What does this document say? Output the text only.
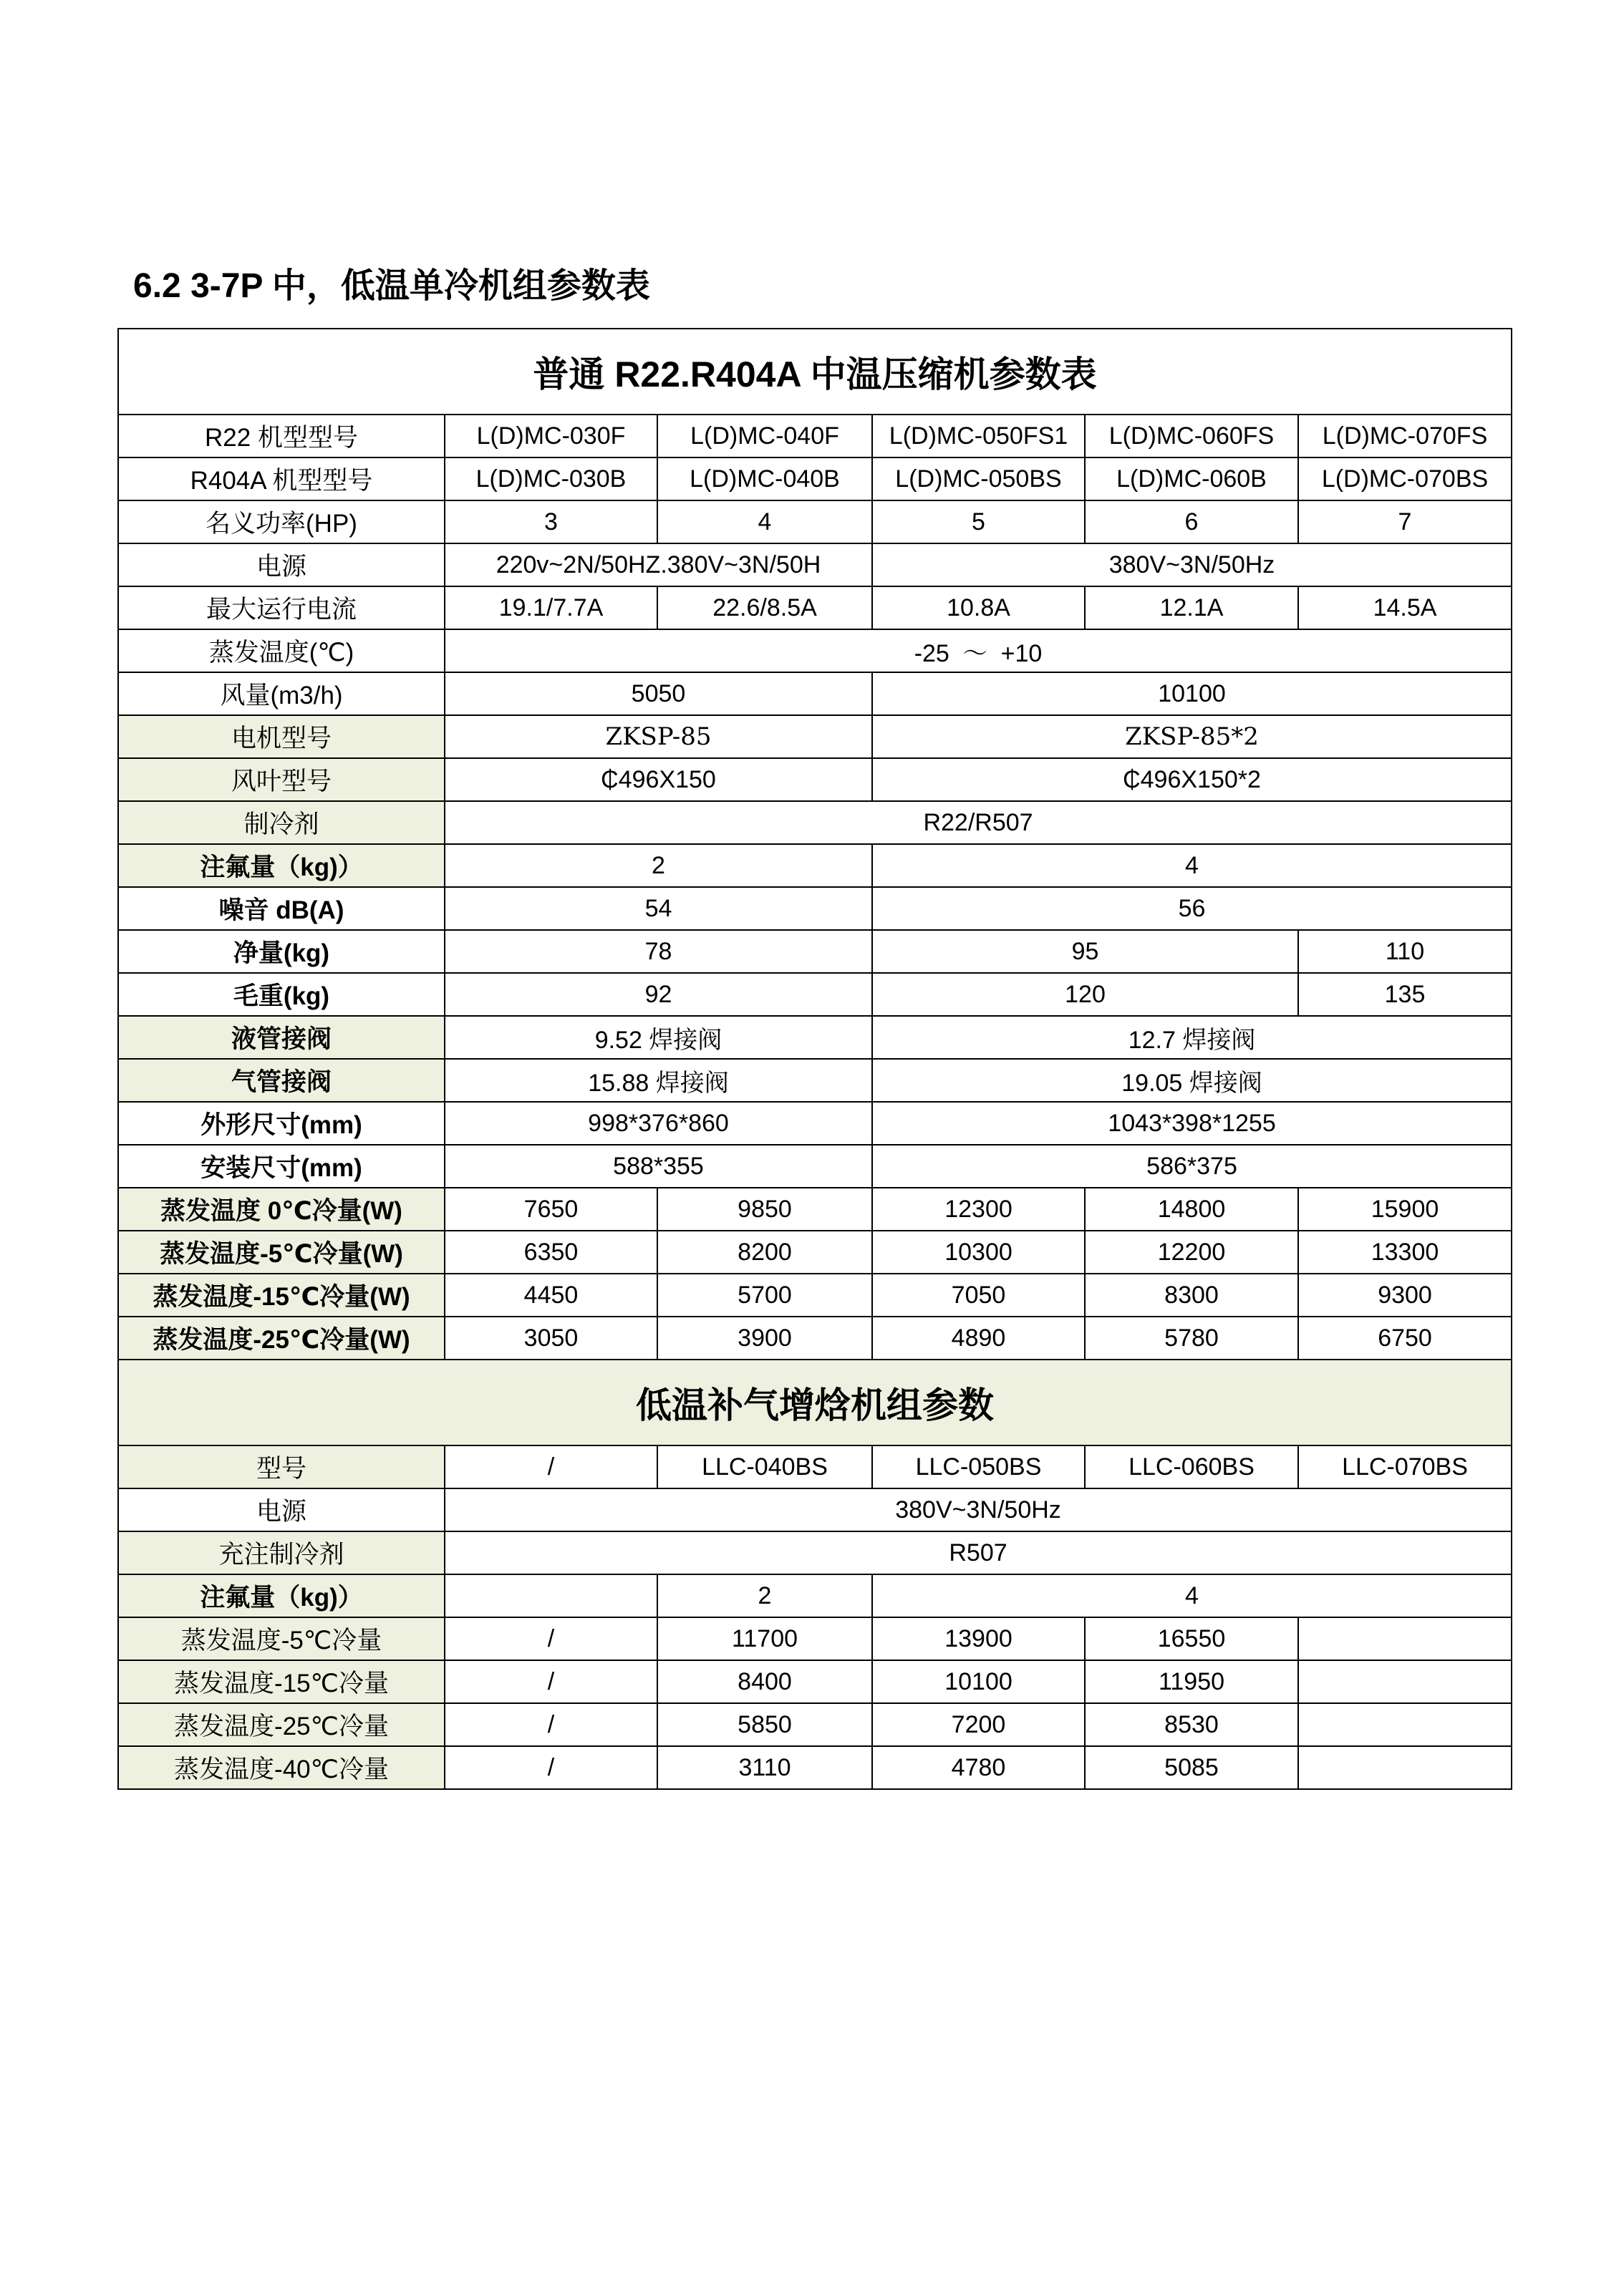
6.2 3-7P 中，低温单冷机组参数表
普通 R22.R404A 中温压缩机参数表					
R22 机型型号	L(D)MC-030F	L(D)MC-040F	L(D)MC-050FS1	L(D)MC-060FS	L(D)MC-070FS
R404A 机型型号	L(D)MC-030B	L(D)MC-040B	L(D)MC-050BS	L(D)MC-060B	L(D)MC-070BS
名义功率(HP)	3	4	5	6	7
电源	220v~2N/50HZ.380V~3N/50H		380V~3N/50Hz		
最大运行电流	19.1/7.7A	22.6/8.5A	10.8A	12.1A	14.5A
蒸发温度(℃)	-25  ～  +10				
风量(m3/h)	5050		10100		
电机型号	ZKSP-85		ZKSP-85*2		
风叶型号	₵496X150		₵496X150*2		
制冷剂	R22/R507				
注氟量（kg)）	2		4		
噪音 dB(A)	54		56		
净量(kg)	78		95		110
毛重(kg)	92		120		135
液管接阀	9.52 焊接阀		12.7 焊接阀		
气管接阀	15.88 焊接阀		19.05 焊接阀		
外形尺寸(mm)	998*376*860		1043*398*1255		
安装尺寸(mm)	588*355		586*375		
蒸发温度 0℃冷量(W)	7650	9850	12300	14800	15900
蒸发温度-5℃冷量(W)	6350	8200	10300	12200	13300
蒸发温度-15℃冷量(W)	4450	5700	7050	8300	9300
蒸发温度-25℃冷量(W)	3050	3900	4890	5780	6750
低温补气增焓机组参数					
型号	/	LLC-040BS	LLC-050BS	LLC-060BS	LLC-070BS
电源	380V~3N/50Hz				
充注制冷剂	R507				
注氟量（kg)）		2	4		
蒸发温度-5℃冷量	/	11700	13900	16550	
蒸发温度-15℃冷量	/	8400	10100	11950	
蒸发温度-25℃冷量	/	5850	7200	8530	
蒸发温度-40℃冷量	/	3110	4780	5085	
